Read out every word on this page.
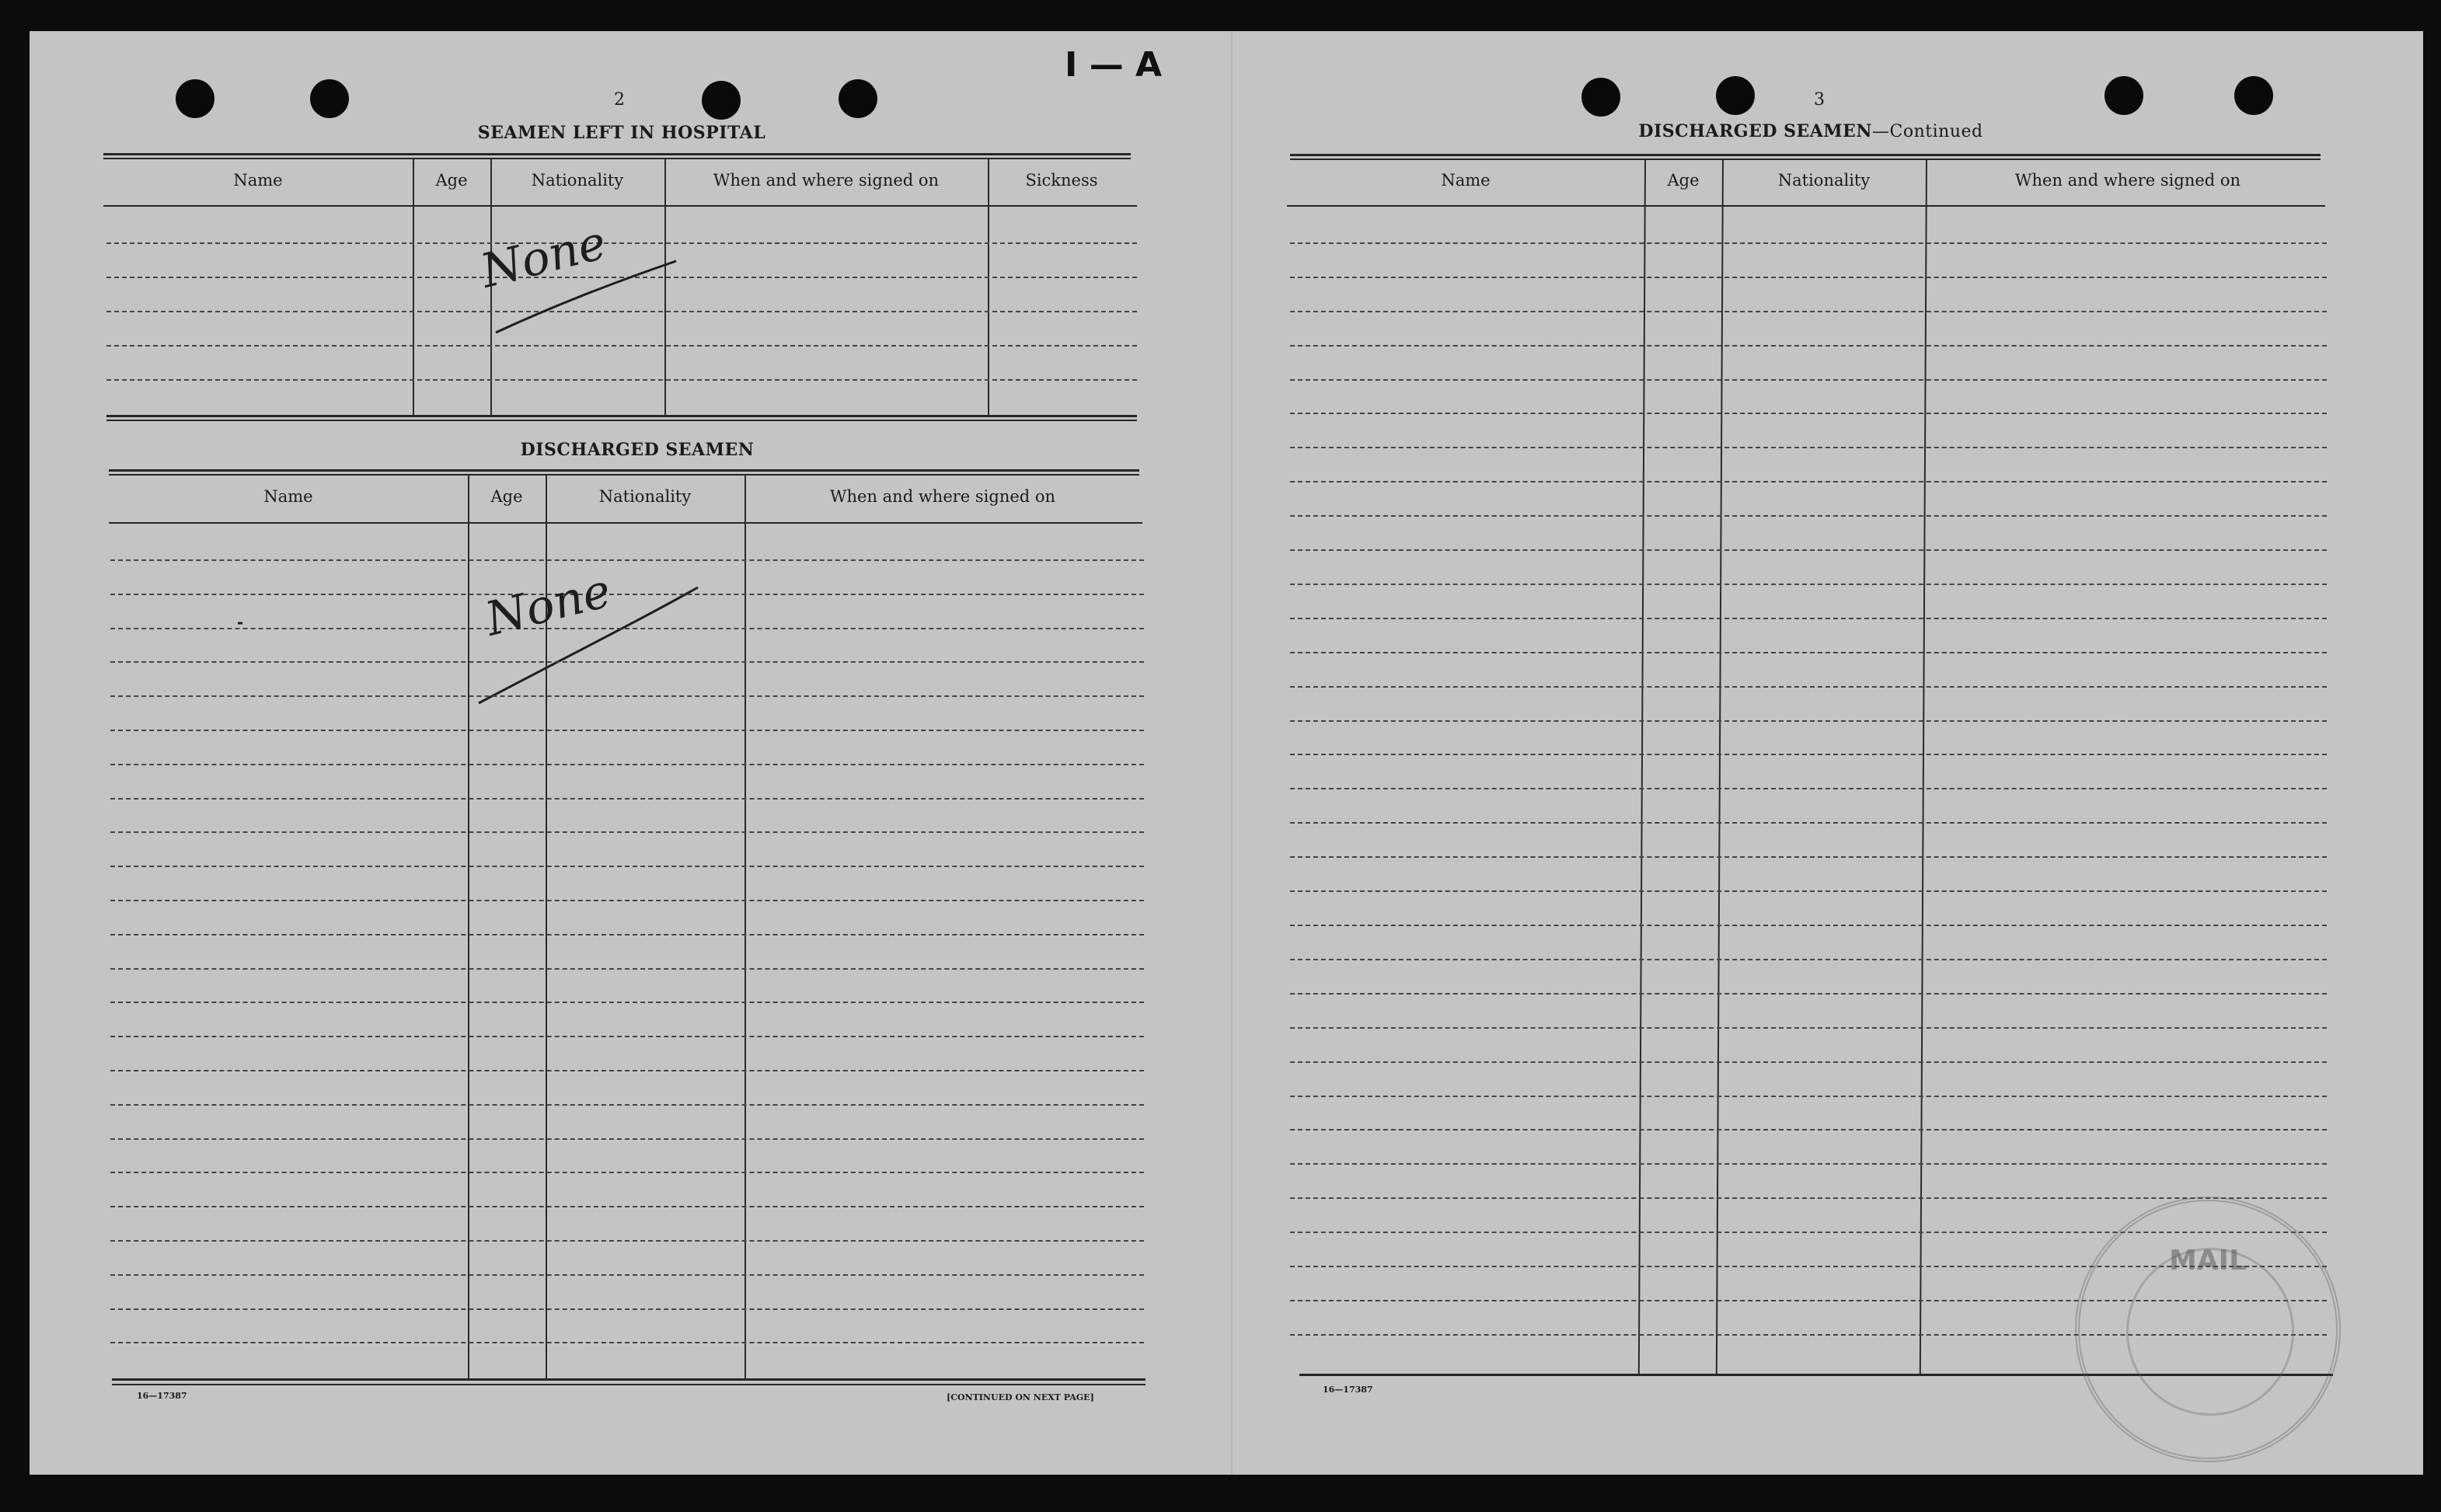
I — A
2
SEAMEN LEFT IN HOSPITAL
Name	Age	Nationality	When and where signed on	Sickness
None
DISCHARGED SEAMEN
Name	Age	Nationality	When and where signed on
None
16—17387	[CONTINUED ON NEXT PAGE]
3
DISCHARGED SEAMEN—Continued
Name	Age	Nationality	When and where signed on
16—17387
MAIL
